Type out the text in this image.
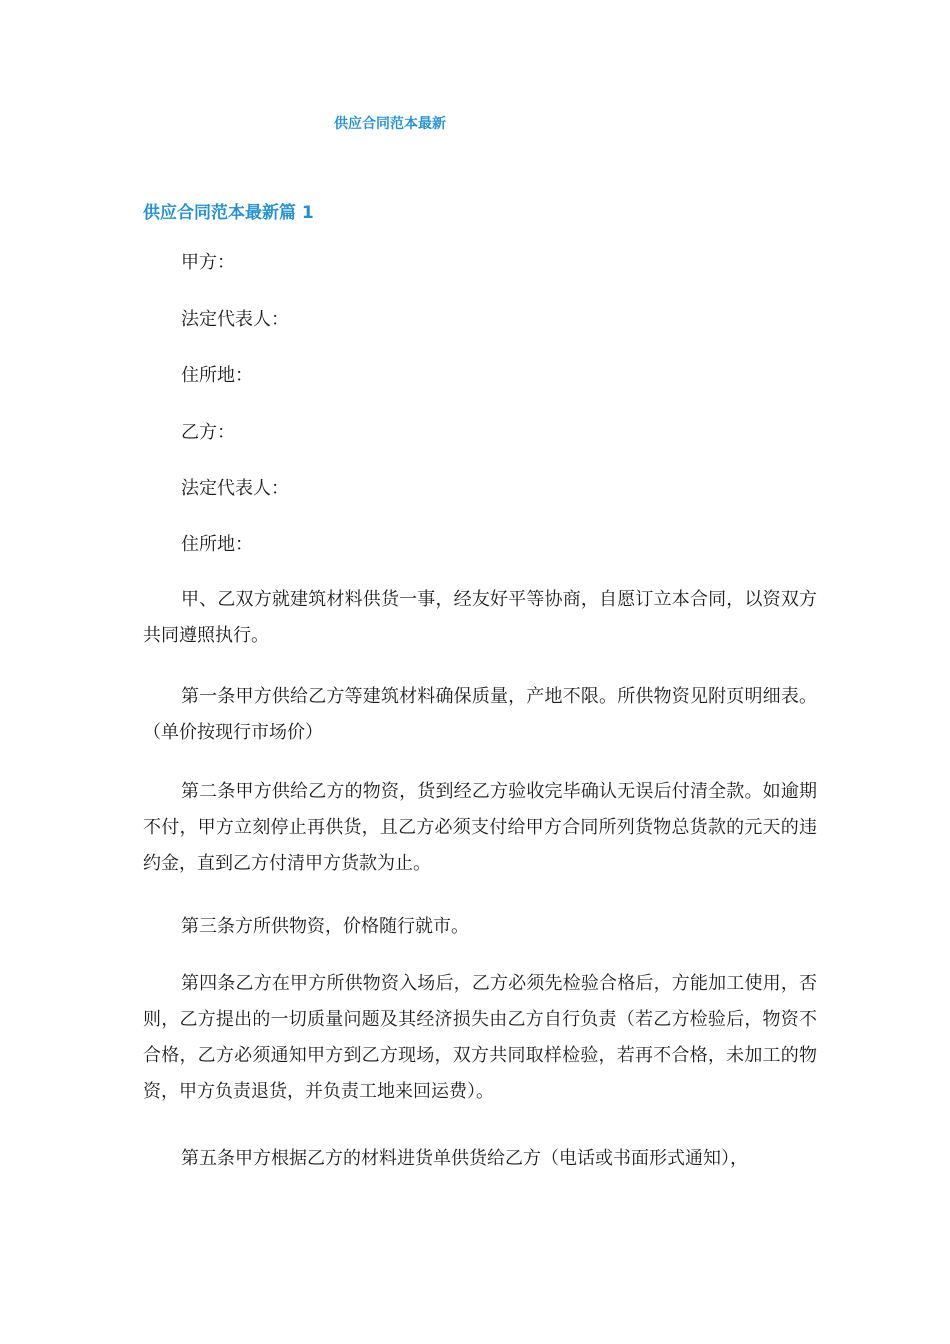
供应合同范本最新
供应合同范本最新篇 1

甲方：

法定代表人：

住所地：

乙方：

法定代表人：

住所地：

甲、乙双方就建筑材料供货一事，经友好平等协商，自愿订立本合同，以资双方共同遵照执行。

第一条甲方供给乙方等建筑材料确保质量，产地不限。所供物资见附页明细表。（单价按现行市场价）

第二条甲方供给乙方的物资，货到经乙方验收完毕确认无误后付清全款。如逾期不付，甲方立刻停止再供货，且乙方必须支付给甲方合同所列货物总货款的元天的违约金，直到乙方付清甲方货款为止。

第三条方所供物资，价格随行就市。

第四条乙方在甲方所供物资入场后，乙方必须先检验合格后，方能加工使用，否则，乙方提出的一切质量问题及其经济损失由乙方自行负责（若乙方检验后，物资不合格，乙方必须通知甲方到乙方现场，双方共同取样检验，若再不合格，未加工的物资，甲方负责退货，并负责工地来回运费）。

第五条甲方根据乙方的材料进货单供货给乙方（电话或书面形式通知），
